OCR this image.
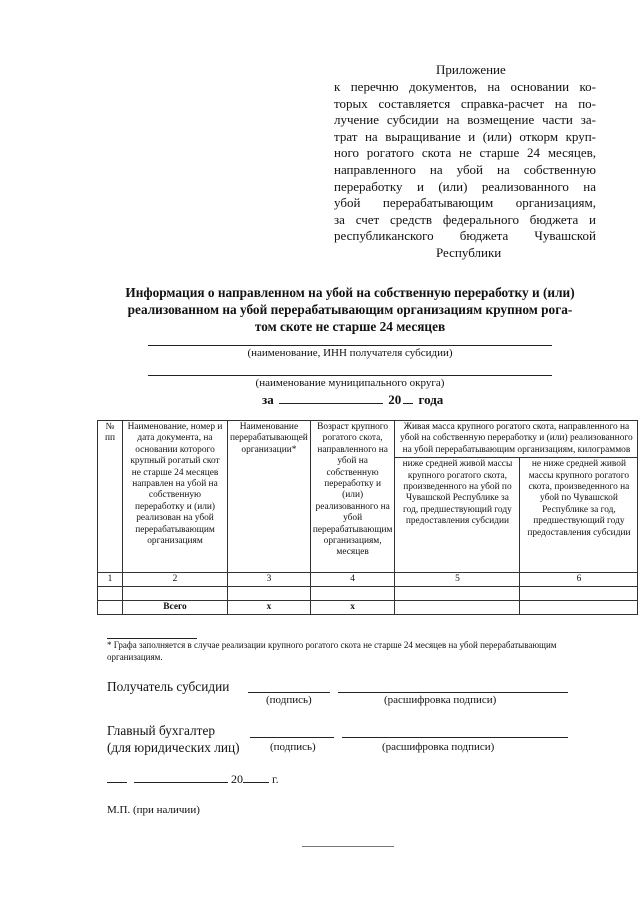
Приложение
к перечню документов, на основании ко-
торых составляется справка-расчет на по-
лучение субсидии на возмещение части за-
трат на выращивание и (или) откорм круп-
ного рогатого скота не старше 24 месяцев,
направленного на убой на собственную
переработку и (или) реализованного на
убой перерабатывающим организациям,
за счет средств федерального бюджета и
республиканского бюджета Чувашской
Республики
Информация о направленном на убой на собственную переработку и (или)
реализованном на убой перерабатывающим организациям крупном рога-
том скоте не старше 24 месяцев
(наименование, ИНН получателя субсидии)
(наименование муниципального округа)
за	20 года
№ пп	Наименование, номер и дата документа, на основании которого крупный рогатый скот не старше 24 месяцев направлен на убой на собственную переработку и (или) реализован на убой перерабатывающим организациям	Наименование перерабатывающей организации*	Возраст крупного рогатого скота, направленного на убой на собственную переработку и (или) реализованного на убой перерабатывающим организациям, месяцев	Живая масса крупного рогатого скота, направленного на убой на собственную переработку и (или) реализованного на убой перерабатывающим организациям, килограммов	
				ниже средней живой массы крупного рогатого скота, произведенного на убой по Чувашской Республике за год, предшествующий году предоставления субсидии	не ниже средней живой массы крупного рогатого скота, произведенного на убой по Чувашской Республике за год, предшествующий году предоставления субсидии
1	2	3	4	5	6

	Всего	х	х		
* Графа заполняется в случае реализации крупного рогатого скота не старше 24 месяцев на убой перерабатывающим организациям.
Получатель субсидии
(подпись)	(расшифровка подписи)
Главный бухгалтер
(для юридических лиц)	(подпись)	(расшифровка подписи)
20 г.
М.П. (при наличии)
